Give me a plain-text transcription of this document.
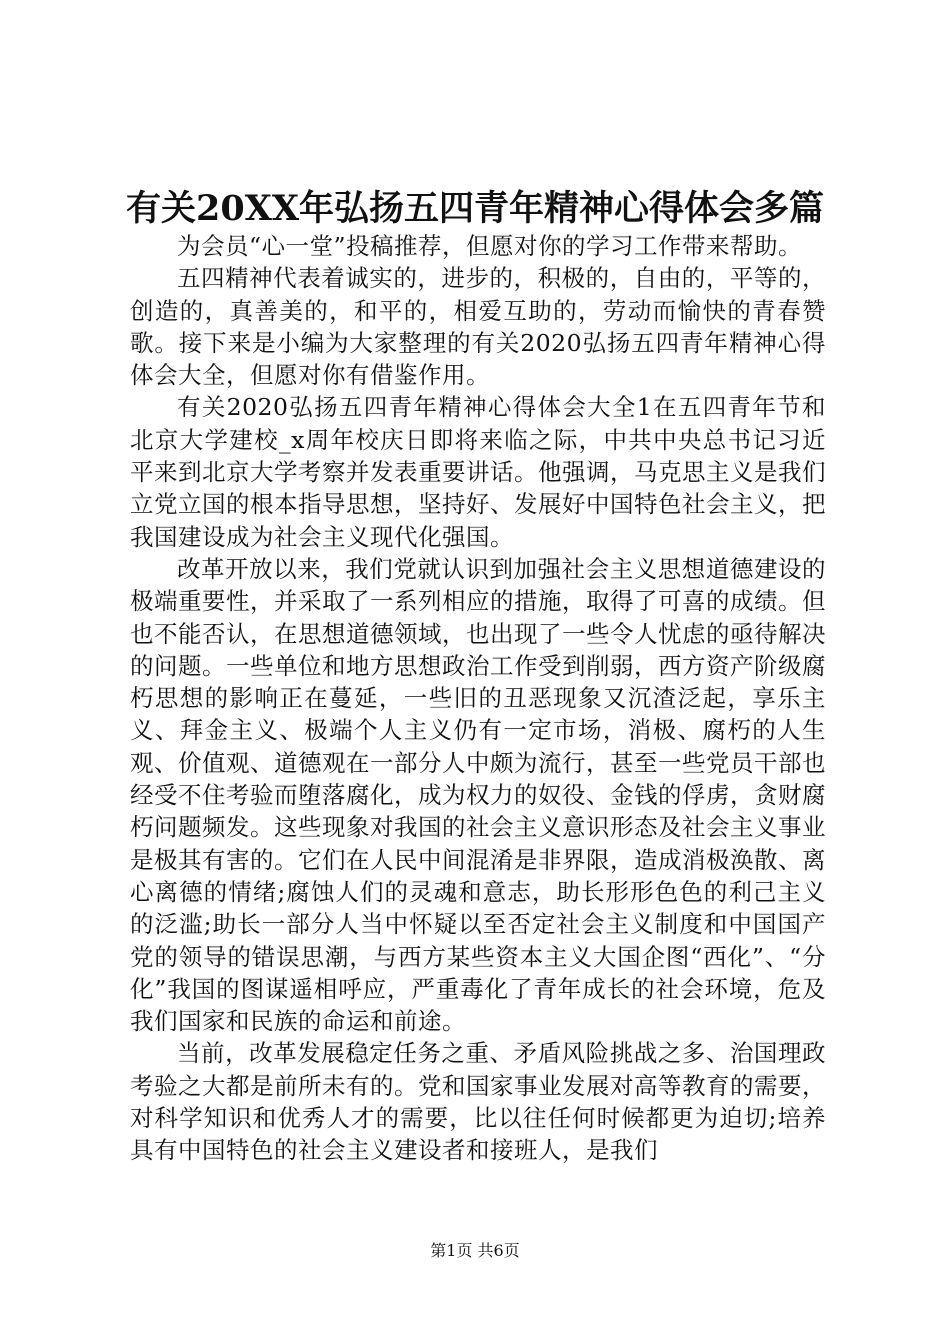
有关20XX年弘扬五四青年精神心得体会多篇

为会员“心一堂”投稿推荐，但愿对你的学习工作带来帮助。

五四精神代表着诚实的，进步的，积极的，自由的，平等的，创造的，真善美的，和平的，相爱互助的，劳动而愉快的青春赞歌。接下来是小编为大家整理的有关2020弘扬五四青年精神心得体会大全，但愿对你有借鉴作用。

有关2020弘扬五四青年精神心得体会大全1在五四青年节和北京大学建校_x周年校庆日即将来临之际，中共中央总书记习近平来到北京大学考察并发表重要讲话。他强调，马克思主义是我们立党立国的根本指导思想，坚持好、发展好中国特色社会主义，把我国建设成为社会主义现代化强国。

改革开放以来，我们党就认识到加强社会主义思想道德建设的极端重要性，并采取了一系列相应的措施，取得了可喜的成绩。但也不能否认，在思想道德领域，也出现了一些令人忧虑的亟待解决的问题。一些单位和地方思想政治工作受到削弱，西方资产阶级腐朽思想的影响正在蔓延，一些旧的丑恶现象又沉渣泛起，享乐主义、拜金主义、极端个人主义仍有一定市场，消极、腐朽的人生观、价值观、道德观在一部分人中颇为流行，甚至一些党员干部也经受不住考验而堕落腐化，成为权力的奴役、金钱的俘虏，贪财腐朽问题频发。这些现象对我国的社会主义意识形态及社会主义事业是极其有害的。它们在人民中间混淆是非界限，造成消极涣散、离心离德的情绪;腐蚀人们的灵魂和意志，助长形形色色的利己主义的泛滥;助长一部分人当中怀疑以至否定社会主义制度和中国国产党的领导的错误思潮，与西方某些资本主义大国企图“西化”、“分化”我国的图谋遥相呼应，严重毒化了青年成长的社会环境，危及我们国家和民族的命运和前途。

当前，改革发展稳定任务之重、矛盾风险挑战之多、治国理政考验之大都是前所未有的。党和国家事业发展对高等教育的需要，对科学知识和优秀人才的需要，比以往任何时候都更为迫切;培养具有中国特色的社会主义建设者和接班人，是我们

第1页 共6页
